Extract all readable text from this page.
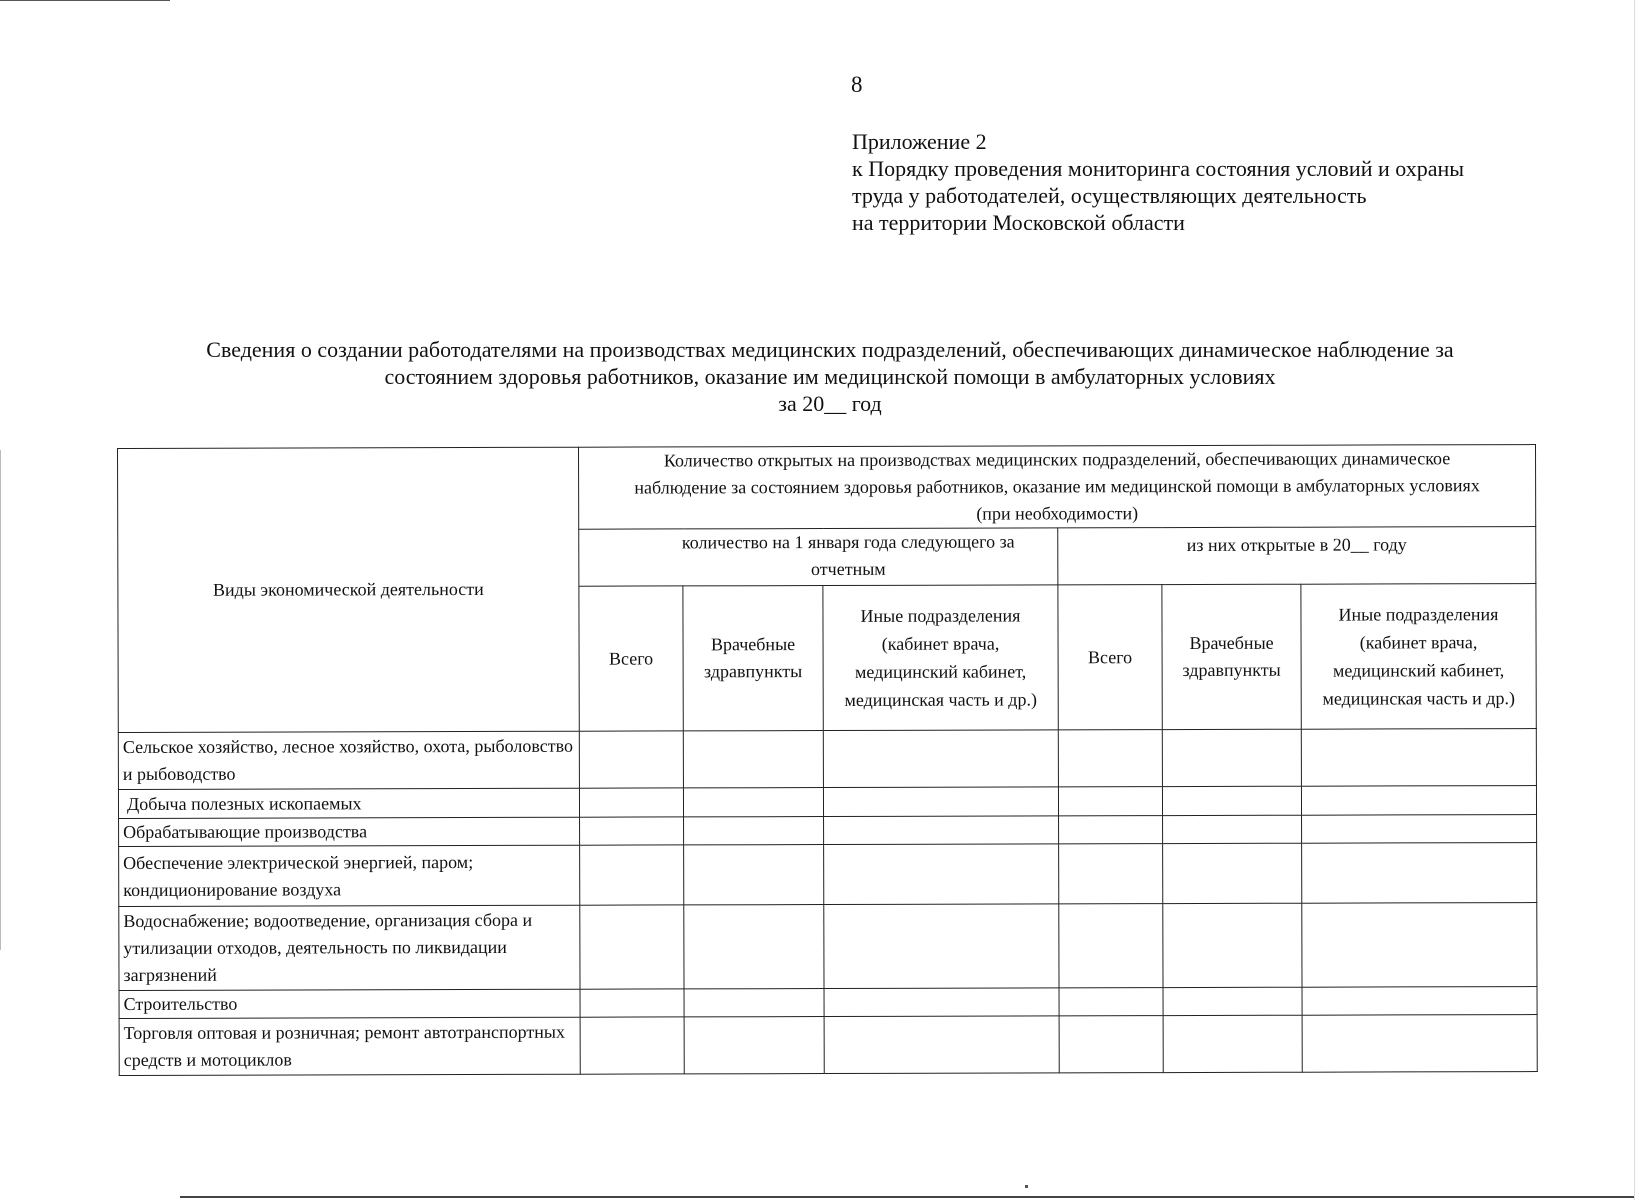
8
Приложение 2
к Порядку проведения мониторинга состояния условий и охраны
труда у работодателей, осуществляющих деятельность
на территории Московской области
Сведения о создании работодателями на производствах медицинских подразделений, обеспечивающих динамическое наблюдение за
состоянием здоровья работников, оказание им медицинской помощи в амбулаторных условиях
за 20__ год
Виды экономической деятельности	Количество открытых на производствах медицинских подразделений, обеспечивающих динамическое наблюдение за состоянием здоровья работников, оказание им медицинской помощи в амбулаторных условиях (при необходимости)					
	количество на 1 января года следующего за отчетным			из них открытые в 20__ году		
	Всего	Врачебные здравпункты	Иные подразделения (кабинет врача, медицинский кабинет, медицинская часть и др.)	Всего	Врачебные здравпункты	Иные подразделения (кабинет врача, медицинский кабинет, медицинская часть и др.)
Сельское хозяйство, лесное хозяйство, охота, рыболовство и рыбоводство						
Добыча полезных ископаемых						
Обрабатывающие производства						
Обеспечение электрической энергией, паром; кондиционирование воздуха						
Водоснабжение; водоотведение, организация сбора и утилизации отходов, деятельность по ликвидации загрязнений						
Строительство						
Торговля оптовая и розничная; ремонт автотранспортных средств и мотоциклов						
